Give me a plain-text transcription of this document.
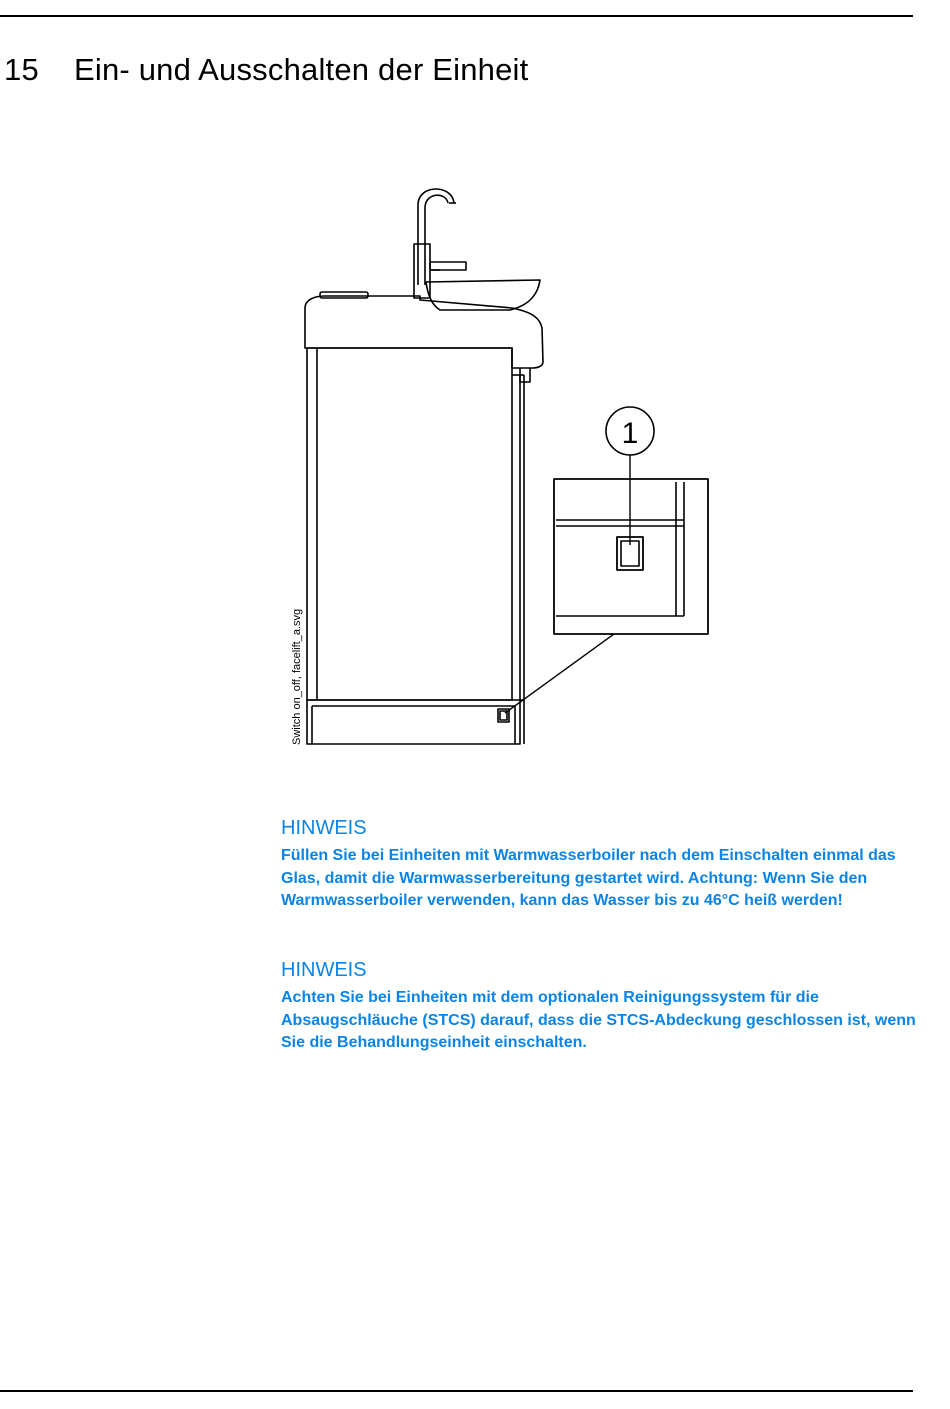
15 Ein- und Ausschalten der Einheit
1
Switch on_off, facelift_a.svg
HINWEIS

Füllen Sie bei Einheiten mit Warmwasserboiler nach dem Einschalten einmal das Glas, damit die Warmwasserbereitung gestartet wird. Achtung: Wenn Sie den Warmwasserboiler verwenden, kann das Wasser bis zu 46°C heiß werden!

HINWEIS

Achten Sie bei Einheiten mit dem optionalen Reinigungssystem für die Absaugschläuche (STCS) darauf, dass die STCS-Abdeckung geschlossen ist, wenn Sie die Behandlungseinheit einschalten.
